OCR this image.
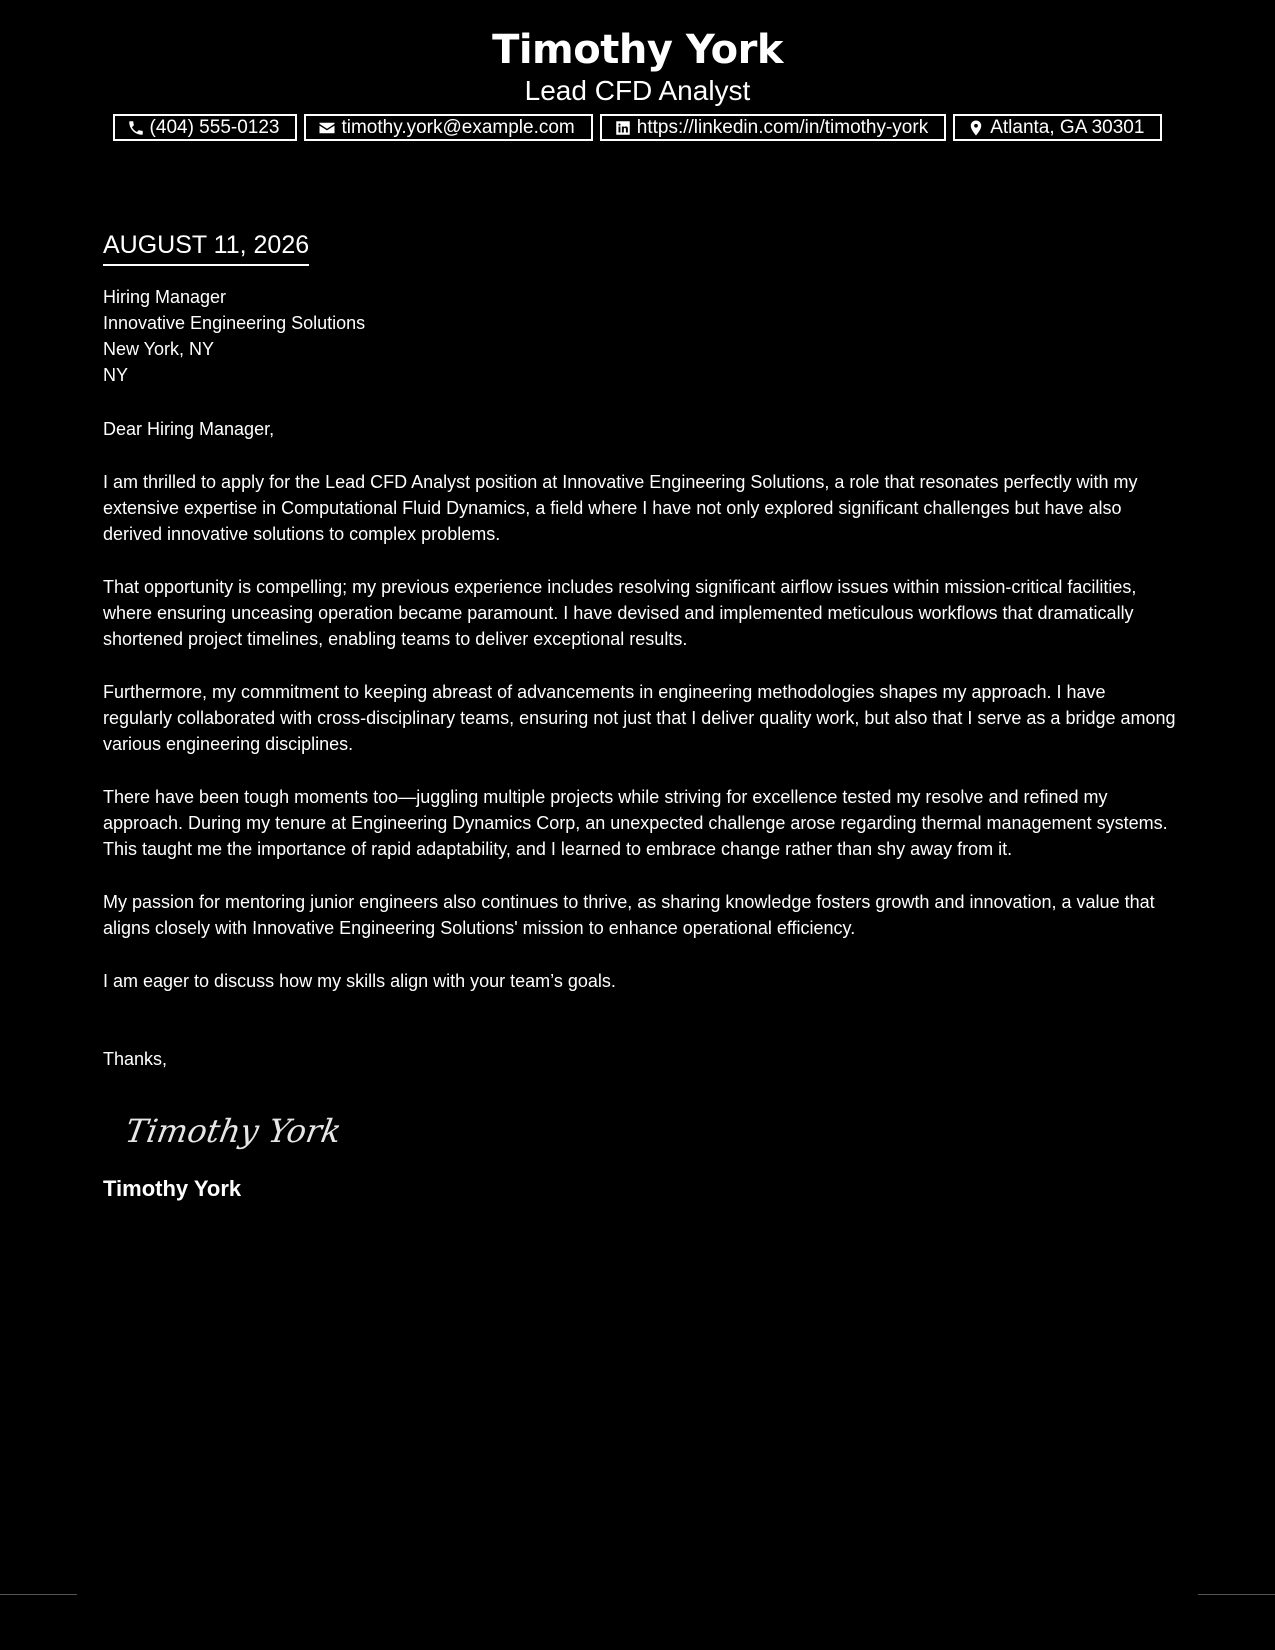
Timothy York
Lead CFD Analyst
(404) 555-0123	timothy.york@example.com	https://linkedin.com/in/timothy-york	Atlanta, GA 30301
AUGUST 11, 2026
Hiring Manager
Innovative Engineering Solutions
New York, NY
NY
Dear Hiring Manager,

I am thrilled to apply for the Lead CFD Analyst position at Innovative Engineering Solutions, a role that resonates perfectly with my extensive expertise in Computational Fluid Dynamics, a field where I have not only explored significant challenges but have also derived innovative solutions to complex problems.

That opportunity is compelling; my previous experience includes resolving significant airflow issues within mission-critical facilities, where ensuring unceasing operation became paramount. I have devised and implemented meticulous workflows that dramatically shortened project timelines, enabling teams to deliver exceptional results.

Furthermore, my commitment to keeping abreast of advancements in engineering methodologies shapes my approach. I have regularly collaborated with cross-disciplinary teams, ensuring not just that I deliver quality work, but also that I serve as a bridge among various engineering disciplines.

There have been tough moments too—juggling multiple projects while striving for excellence tested my resolve and refined my approach. During my tenure at Engineering Dynamics Corp, an unexpected challenge arose regarding thermal management systems. This taught me the importance of rapid adaptability, and I learned to embrace change rather than shy away from it.

My passion for mentoring junior engineers also continues to thrive, as sharing knowledge fosters growth and innovation, a value that aligns closely with Innovative Engineering Solutions' mission to enhance operational efficiency.

I am eager to discuss how my skills align with your team’s goals.

Thanks,
Timothy York
Timothy York
